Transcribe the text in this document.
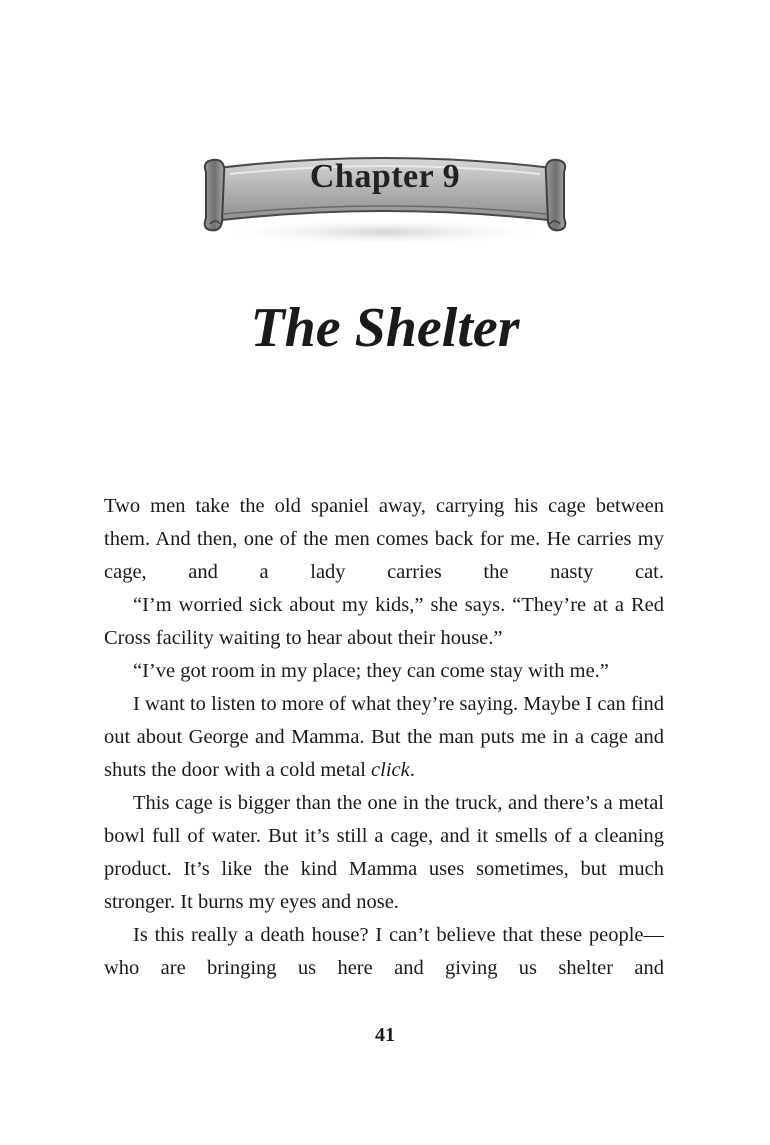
Chapter 9
The Shelter

Two men take the old spaniel away, carrying his cage between them. And then, one of the men comes back for me. He carries my cage, and a lady carries the nasty cat.

“I’m worried sick about my kids,” she says. “They’re at a Red Cross facility waiting to hear about their house.”

“I’ve got room in my place; they can come stay with me.”

I want to listen to more of what they’re saying. Maybe I can find out about George and Mamma. But the man puts me in a cage and shuts the door with a cold metal click.

This cage is bigger than the one in the truck, and there’s a metal bowl full of water. But it’s still a cage, and it smells of a cleaning product. It’s like the kind Mamma uses sometimes, but much stronger. It burns my eyes and nose.

Is this really a death house? I can’t believe that these people—who are bringing us here and giving us shelter and

41
